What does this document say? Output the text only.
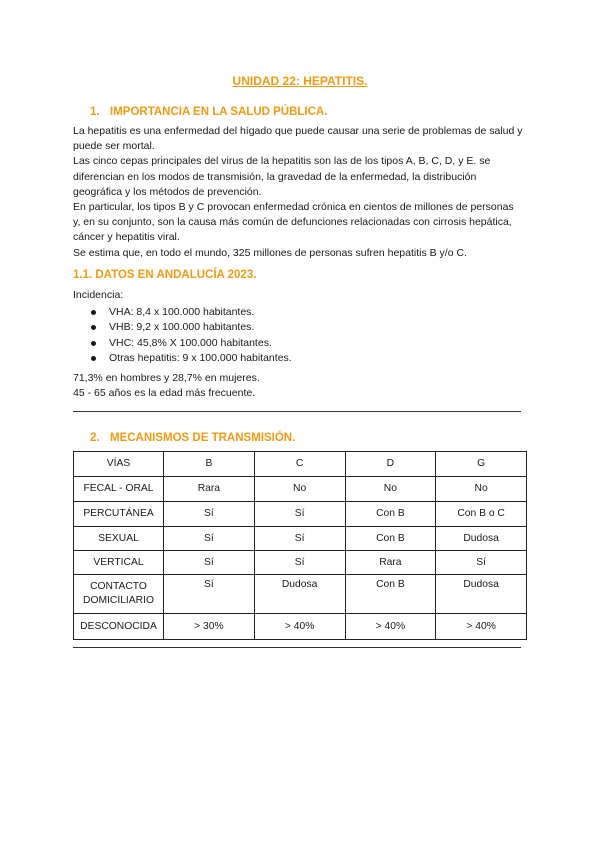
UNIDAD 22: HEPATITIS.
1. IMPORTANCIA EN LA SALUD PÚBLICA.

La hepatitis es una enfermedad del hígado que puede causar una serie de problemas de salud y puede ser mortal.

Las cinco cepas principales del virus de la hepatitis son las de los tipos A, B, C, D, y E. se diferencian en los modos de transmisión, la gravedad de la enfermedad, la distribución geográfica y los métodos de prevención.

En particular, los tipos B y C provocan enfermedad crónica en cientos de millones de personas y, en su conjunto, son la causa más común de defunciones relacionadas con cirrosis hepática, cáncer y hepatitis viral.

Se estima que, en todo el mundo, 325 millones de personas sufren hepatitis B y/o C.

1.1. DATOS EN ANDALUCÍA 2023.
Incidencia:
VHA: 8,4 x 100.000 habitantes.
VHB: 9,2 x 100.000 habitantes.
VHC: 45,8% X 100.000 habitantes.
Otras hepatitis: 9 x 100.000 habitantes.

71,3% en hombres y 28,7% en mujeres.

45 - 65 años es la edad más frecuente.

2. MECANISMOS DE TRANSMISIÓN.
VÍAS	B	C	D	G
FECAL - ORAL	Rara	No	No	No
PERCUTÁNEA	Sí	Sí	Con B	Con B o C
SEXUAL	Sí	Sí	Con B	Dudosa
VERTICAL	Sí	Sí	Rara	Sí
CONTACTO DOMICILIARIO	Sí	Dudosa	Con B	Dudosa
DESCONOCIDA	> 30%	> 40%	> 40%	> 40%
